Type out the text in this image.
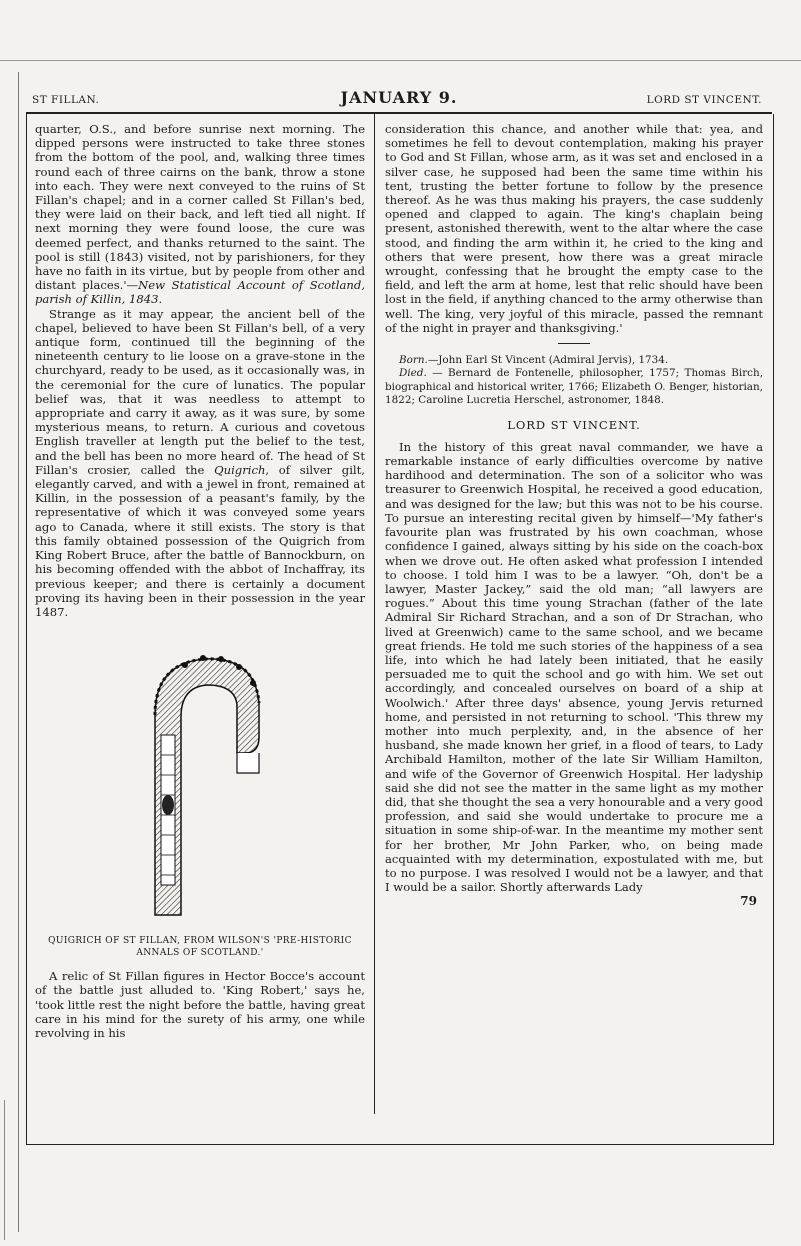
ST FILLAN.	JANUARY 9.	LORD ST VINCENT.

quarter, O.S., and before sunrise next morning. The dipped persons were instructed to take three stones from the bottom of the pool, and, walking three times round each of three cairns on the bank, throw a stone into each. They were next conveyed to the ruins of St Fillan's chapel; and in a corner called St Fillan's bed, they were laid on their back, and left tied all night. If next morning they were found loose, the cure was deemed perfect, and thanks returned to the saint. The pool is still (1843) visited, not by parishioners, for they have no faith in its virtue, but by people from other and distant places.'—New Statistical Account of Scotland, parish of Killin, 1843.

Strange as it may appear, the ancient bell of the chapel, believed to have been St Fillan's bell, of a very antique form, continued till the beginning of the nineteenth century to lie loose on a grave-stone in the churchyard, ready to be used, as it occasionally was, in the ceremonial for the cure of lunatics. The popular belief was, that it was needless to attempt to appropriate and carry it away, as it was sure, by some mysterious means, to return. A curious and covetous English traveller at length put the belief to the test, and the bell has been no more heard of. The head of St Fillan's crosier, called the Quigrich, of silver gilt, elegantly carved, and with a jewel in front, remained at Killin, in the possession of a peasant's family, by the representative of which it was conveyed some years ago to Canada, where it still exists. The story is that this family obtained possession of the Quigrich from King Robert Bruce, after the battle of Bannockburn, on his becoming offended with the abbot of Inchaffray, its previous keeper; and there is certainly a document proving its having been in their possession in the year 1487.

QUIGRICH OF ST FILLAN, FROM WILSON'S 'PRE-HISTORIC
ANNALS OF SCOTLAND.'

A relic of St Fillan figures in Hector Bocce's account of the battle just alluded to. 'King Robert,' says he, 'took little rest the night before the battle, having great care in his mind for the surety of his army, one while revolving in his

consideration this chance, and another while that: yea, and sometimes he fell to devout contemplation, making his prayer to God and St Fillan, whose arm, as it was set and enclosed in a silver case, he supposed had been the same time within his tent, trusting the better fortune to follow by the presence thereof. As he was thus making his prayers, the case suddenly opened and clapped to again. The king's chaplain being present, astonished therewith, went to the altar where the case stood, and finding the arm within it, he cried to the king and others that were present, how there was a great miracle wrought, confessing that he brought the empty case to the field, and left the arm at home, lest that relic should have been lost in the field, if anything chanced to the army otherwise than well. The king, very joyful of this miracle, passed the remnant of the night in prayer and thanksgiving.'

Born.—John Earl St Vincent (Admiral Jervis), 1734.

Died. — Bernard de Fontenelle, philosopher, 1757; Thomas Birch, biographical and historical writer, 1766; Elizabeth O. Benger, historian, 1822; Caroline Lucretia Herschel, astronomer, 1848.

LORD ST VINCENT.

In the history of this great naval commander, we have a remarkable instance of early difficulties overcome by native hardihood and determination. The son of a solicitor who was treasurer to Greenwich Hospital, he received a good education, and was designed for the law; but this was not to be his course. To pursue an interesting recital given by himself—'My father's favourite plan was frustrated by his own coachman, whose confidence I gained, always sitting by his side on the coach-box when we drove out. He often asked what profession I intended to choose. I told him I was to be a lawyer. “Oh, don't be a lawyer, Master Jackey,” said the old man; “all lawyers are rogues.” About this time young Strachan (father of the late Admiral Sir Richard Strachan, and a son of Dr Strachan, who lived at Greenwich) came to the same school, and we became great friends. He told me such stories of the happiness of a sea life, into which he had lately been initiated, that he easily persuaded me to quit the school and go with him. We set out accordingly, and concealed ourselves on board of a ship at Woolwich.' After three days' absence, young Jervis returned home, and persisted in not returning to school. 'This threw my mother into much perplexity, and, in the absence of her husband, she made known her grief, in a flood of tears, to Lady Archibald Hamilton, mother of the late Sir William Hamilton, and wife of the Governor of Greenwich Hospital. Her ladyship said she did not see the matter in the same light as my mother did, that she thought the sea a very honourable and a very good profession, and said she would undertake to procure me a situation in some ship-of-war. In the meantime my mother sent for her brother, Mr John Parker, who, on being made acquainted with my determination, expostulated with me, but to no purpose. I was resolved I would not be a lawyer, and that I would be a sailor. Shortly afterwards Lady

79
